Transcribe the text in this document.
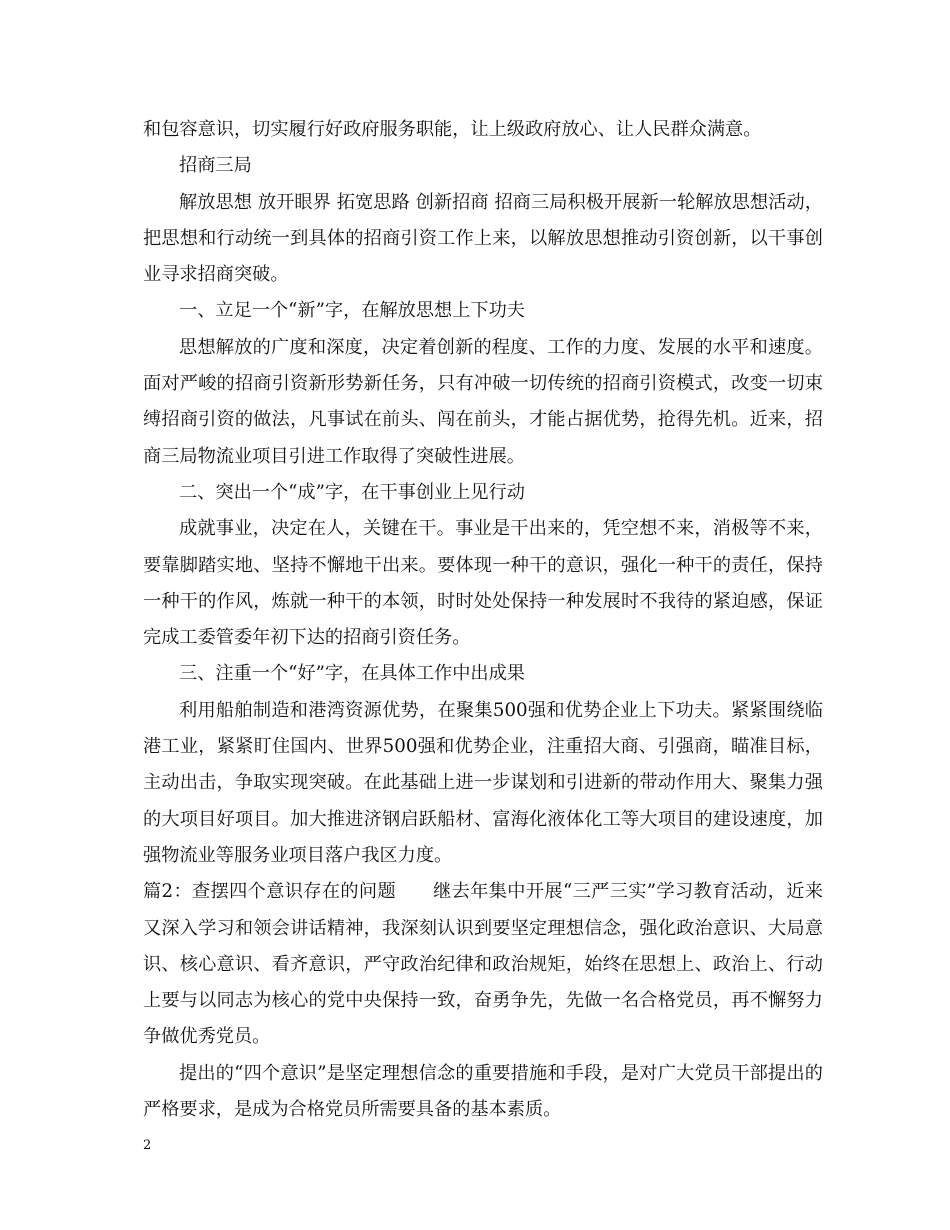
和包容意识，切实履行好政府服务职能，让上级政府放心、让人民群众满意。

招商三局

解放思想 放开眼界 拓宽思路 创新招商 招商三局积极开展新一轮解放思想活动，把思想和行动统一到具体的招商引资工作上来，以解放思想推动引资创新，以干事创业寻求招商突破。

一、立足一个“新”字，在解放思想上下功夫

思想解放的广度和深度，决定着创新的程度、工作的力度、发展的水平和速度。面对严峻的招商引资新形势新任务，只有冲破一切传统的招商引资模式，改变一切束缚招商引资的做法，凡事试在前头、闯在前头，才能占据优势，抢得先机。近来，招商三局物流业项目引进工作取得了突破性进展。

二、突出一个“成”字，在干事创业上见行动

成就事业，决定在人，关键在干。事业是干出来的，凭空想不来，消极等不来，要靠脚踏实地、坚持不懈地干出来。要体现一种干的意识，强化一种干的责任，保持一种干的作风，炼就一种干的本领，时时处处保持一种发展时不我待的紧迫感，保证完成工委管委年初下达的招商引资任务。

三、注重一个“好”字，在具体工作中出成果

利用船舶制造和港湾资源优势，在聚集500强和优势企业上下功夫。紧紧围绕临港工业，紧紧盯住国内、世界500强和优势企业，注重招大商、引强商，瞄准目标，主动出击，争取实现突破。在此基础上进一步谋划和引进新的带动作用大、聚集力强的大项目好项目。加大推进济钢启跃船材、富海化液体化工等大项目的建设速度，加强物流业等服务业项目落户我区力度。

篇2：查摆四个意识存在的问题　　继去年集中开展“三严三实”学习教育活动，近来又深入学习和领会讲话精神，我深刻认识到要坚定理想信念，强化政治意识、大局意识、核心意识、看齐意识，严守政治纪律和政治规矩，始终在思想上、政治上、行动上要与以同志为核心的党中央保持一致，奋勇争先，先做一名合格党员，再不懈努力争做优秀党员。

提出的“四个意识”是坚定理想信念的重要措施和手段，是对广大党员干部提出的严格要求，是成为合格党员所需要具备的基本素质。

2
